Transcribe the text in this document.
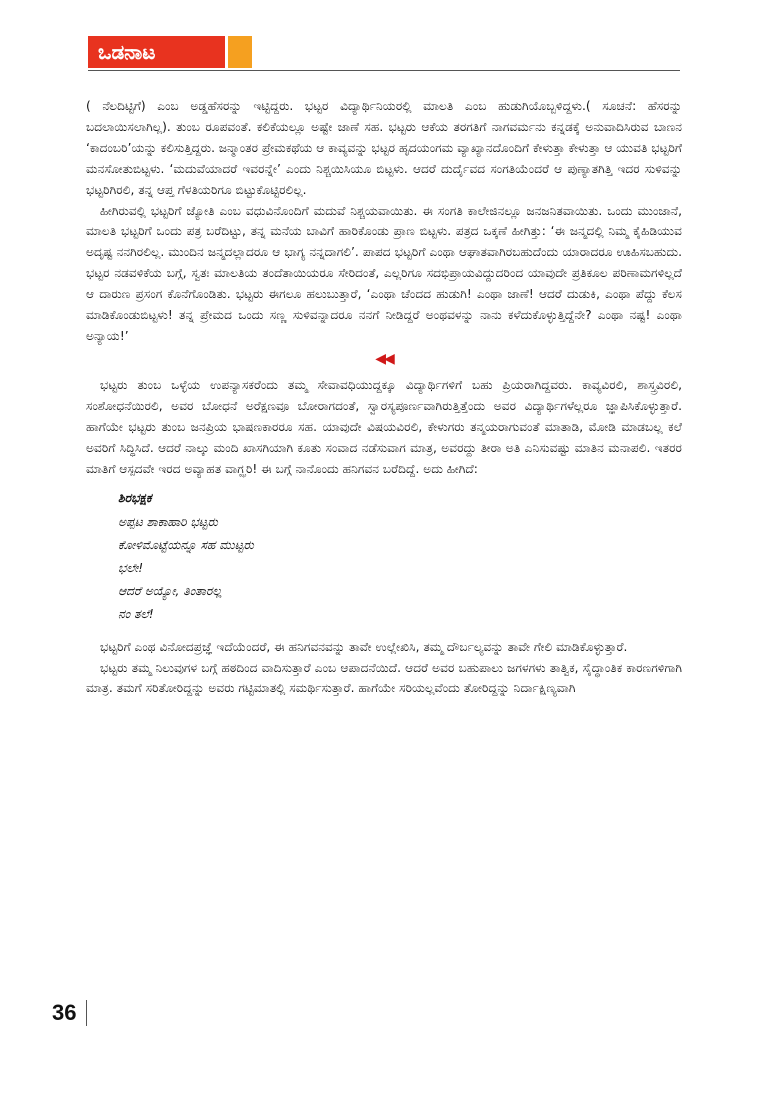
ಒಡನಾಟ

( ನೆಲದಿಟ್ಟಿಗೆ) ಎಂಬ ಅಡ್ಡಹೆಸರನ್ನು ಇಟ್ಟಿದ್ದರು. ಭಟ್ಟರ ವಿದ್ಯಾರ್ಥಿನಿಯರಲ್ಲಿ ಮಾಲತಿ ಎಂಬ ಹುಡುಗಿಯೊಬ್ಬಳಿದ್ದಳು.( ಸೂಚನೆ: ಹೆಸರನ್ನು ಬದಲಾಯಿಸಲಾಗಿಲ್ಲ). ತುಂಬ ರೂಪವಂತೆ. ಕಲಿಕೆಯಲ್ಲೂ ಅಷ್ಟೇ ಜಾಣೆ ಸಹ. ಭಟ್ಟರು ಆಕೆಯ ತರಗತಿಗೆ ನಾಗವರ್ಮನು ಕನ್ನಡಕ್ಕೆ ಅನುವಾದಿಸಿರುವ ಬಾಣನ ‘ಕಾದಂಬರಿ’ಯನ್ನು ಕಲಿಸುತ್ತಿದ್ದರು. ಜನ್ಮಾಂತರ ಪ್ರೇಮಕಥೆಯ ಆ ಕಾವ್ಯವನ್ನು ಭಟ್ಟರ ಹೃದಯಂಗಮ ವ್ಯಾಖ್ಯಾನದೊಂದಿಗೆ ಕೇಳುತ್ತಾ ಕೇಳುತ್ತಾ ಆ ಯುವತಿ ಭಟ್ಟರಿಗೆ ಮನಸೋತುಬಿಟ್ಟಳು. ‘ಮದುವೆಯಾದರೆ ಇವರನ್ನೇ’ ಎಂದು ನಿಶ್ಚಯಿಸಿಯೂ ಬಿಟ್ಟಳು. ಆದರೆ ದುರ್ದೈವದ ಸಂಗತಿಯೆಂದರೆ ಆ ಪುಣ್ಯಾತಗಿತ್ತಿ ಇದರ ಸುಳಿವನ್ನು ಭಟ್ಟರಿಗಿರಲಿ, ತನ್ನ ಆಪ್ತ ಗೆಳತಿಯರಿಗೂ ಬಿಟ್ಟುಕೊಟ್ಟಿರಲಿಲ್ಲ.

ಹೀಗಿರುವಲ್ಲಿ ಭಟ್ಟರಿಗೆ ಜ್ಯೋತಿ ಎಂಬ ವಧುವಿನೊಂದಿಗೆ ಮದುವೆ ನಿಶ್ಚಯವಾಯಿತು. ಈ ಸಂಗತಿ ಕಾಲೇಜಿನಲ್ಲೂ ಜನಜನಿತವಾಯಿತು. ಒಂದು ಮುಂಜಾನೆ, ಮಾಲತಿ ಭಟ್ಟರಿಗೆ ಒಂದು ಪತ್ರ ಬರೆದಿಟ್ಟು, ತನ್ನ ಮನೆಯ ಬಾವಿಗೆ ಹಾರಿಕೊಂಡು ಪ್ರಾಣ ಬಿಟ್ಟಳು. ಪತ್ರದ ಒಕ್ಕಣೆ ಹೀಗಿತ್ತು: ‘ಈ ಜನ್ಮದಲ್ಲಿ ನಿಮ್ಮ ಕೈಹಿಡಿಯುವ ಅದೃಷ್ಟ ನನಗಿರಲಿಲ್ಲ. ಮುಂದಿನ ಜನ್ಮದಲ್ಲಾದರೂ ಆ ಭಾಗ್ಯ ನನ್ನದಾಗಲಿ’. ಪಾಪದ ಭಟ್ಟರಿಗೆ ಎಂಥಾ ಆಘಾತವಾಗಿರಬಹುದೆಂದು ಯಾರಾದರೂ ಊಹಿಸಬಹುದು. ಭಟ್ಟರ ನಡವಳಿಕೆಯ ಬಗ್ಗೆ, ಸ್ವತಃ ಮಾಲತಿಯ ತಂದೆತಾಯಿಯರೂ ಸೇರಿದಂತೆ, ಎಲ್ಲರಿಗೂ ಸದಭಿಪ್ರಾಯವಿದ್ದುದರಿಂದ ಯಾವುದೇ ಪ್ರತಿಕೂಲ ಪರಿಣಾಮಗಳಿಲ್ಲದೆ ಆ ದಾರುಣ ಪ್ರಸಂಗ ಕೊನೆಗೊಂಡಿತು. ಭಟ್ಟರು ಈಗಲೂ ಹಲುಬುತ್ತಾರೆ, ‘ಎಂಥಾ ಚೆಂದದ ಹುಡುಗಿ! ಎಂಥಾ ಜಾಣೆ! ಆದರೆ ದುಡುಕಿ, ಎಂಥಾ ಪೆದ್ದು ಕೆಲಸ ಮಾಡಿಕೊಂಡುಬಿಟ್ಟಳು! ತನ್ನ ಪ್ರೇಮದ ಒಂದು ಸಣ್ಣ ಸುಳಿವನ್ನಾದರೂ ನನಗೆ ನೀಡಿದ್ದರೆ ಅಂಥವಳನ್ನು ನಾನು ಕಳೆದುಕೊಳ್ಳುತ್ತಿದ್ದೆನೇ? ಎಂಥಾ ನಷ್ಟ! ಎಂಥಾ ಅನ್ಯಾಯ!’

◀◀

ಭಟ್ಟರು ತುಂಬ ಒಳ್ಳೆಯ ಉಪನ್ಯಾಸಕರೆಂದು ತಮ್ಮ ಸೇವಾವಧಿಯುದ್ದಕ್ಕೂ ವಿದ್ಯಾರ್ಥಿಗಳಿಗೆ ಬಹು ಪ್ರಿಯರಾಗಿದ್ದವರು. ಕಾವ್ಯವಿರಲಿ, ಶಾಸ್ತ್ರವಿರಲಿ, ಸಂಶೋಧನೆಯಿರಲಿ, ಅವರ ಬೋಧನೆ ಅರೆಕ್ಷಣವೂ ಬೋರಾಗದಂತೆ, ಸ್ವಾರಸ್ಯಪೂರ್ಣವಾಗಿರುತ್ತಿತ್ತೆಂದು ಅವರ ವಿದ್ಯಾರ್ಥಿಗಳೆಲ್ಲರೂ ಜ್ಞಾಪಿಸಿಕೊಳ್ಳುತ್ತಾರೆ. ಹಾಗೆಯೇ ಭಟ್ಟರು ತುಂಬ ಜನಪ್ರಿಯ ಭಾಷಣಕಾರರೂ ಸಹ. ಯಾವುದೇ ವಿಷಯವಿರಲಿ, ಕೇಳುಗರು ತನ್ಮಯರಾಗುವಂತೆ ಮಾತಾಡಿ, ಮೋಡಿ ಮಾಡಬಲ್ಲ ಕಲೆ ಅವರಿಗೆ ಸಿದ್ಧಿಸಿದೆ. ಆದರೆ ನಾಲ್ಕು ಮಂದಿ ಖಾಸಗಿಯಾಗಿ ಕೂತು ಸಂವಾದ ನಡೆಸುವಾಗ ಮಾತ್ರ, ಅವರದ್ದು ತೀರಾ ಅತಿ ಎನಿಸುವಷ್ಟು ಮಾತಿನ ಮನಾಪಲಿ. ಇತರರ ಮಾತಿಗೆ ಆಸ್ಪದವೇ ಇರದ ಅವ್ಯಾಹತ ವಾಗ್ಝರಿ! ಈ ಬಗ್ಗೆ ನಾನೊಂದು ಹನಿಗವನ ಬರೆದಿದ್ದೆ. ಅದು ಹೀಗಿದೆ:

ಶಿರಭಕ್ಷಕ
ಅಪ್ಪಟ ಶಾಕಾಹಾರಿ ಭಟ್ಟರು
ಕೋಳಿಮೊಟ್ಟೆಯನ್ನೂ ಸಹ ಮುಟ್ಟರು
ಭಲೇ!
ಆದರೆ ಅಯ್ಯೋ, ತಿಂತಾರಲ್ಲ
ನಂ ತಲೆ!

ಭಟ್ಟರಿಗೆ ಎಂಥ ವಿನೋದಪ್ರಜ್ಞೆ ಇದೆಯೆಂದರೆ, ಈ ಹನಿಗವನವನ್ನು ತಾವೇ ಉಲ್ಲೇಖಿಸಿ, ತಮ್ಮ ದೌರ್ಬಲ್ಯವನ್ನು ತಾವೇ ಗೇಲಿ ಮಾಡಿಕೊಳ್ಳುತ್ತಾರೆ.

ಭಟ್ಟರು ತಮ್ಮ ನಿಲುವುಗಳ ಬಗ್ಗೆ ಹಠದಿಂದ ವಾದಿಸುತ್ತಾರೆ ಎಂಬ ಆಪಾದನೆಯಿದೆ. ಆದರೆ ಅವರ ಬಹುಪಾಲು ಜಗಳಗಳು ತಾತ್ವಿಕ, ಸೈದ್ಧಾಂತಿಕ ಕಾರಣಗಳಿಗಾಗಿ ಮಾತ್ರ. ತಮಗೆ ಸರಿತೋರಿದ್ದನ್ನು ಅವರು ಗಟ್ಟಿಮಾತಲ್ಲಿ ಸಮರ್ಥಿಸುತ್ತಾರೆ. ಹಾಗೆಯೇ ಸರಿಯಲ್ಲವೆಂದು ತೋರಿದ್ದನ್ನು ನಿರ್ದಾಕ್ಷಿಣ್ಯವಾಗಿ

36
